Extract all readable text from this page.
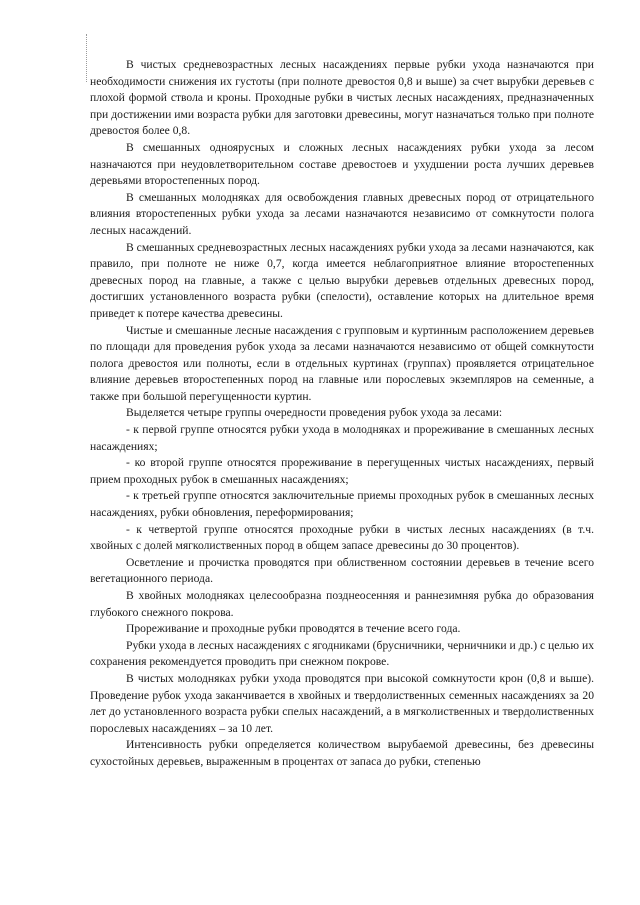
В чистых средневозрастных лесных насаждениях первые рубки ухода назначаются при необходимости снижения их густоты (при полноте древостоя 0,8 и выше) за счет вырубки деревьев с плохой формой ствола и кроны. Проходные рубки в чистых лесных насаждениях, предназначенных при достижении ими возраста рубки для заготовки древесины, могут назначаться только при полноте древостоя более 0,8.

В смешанных одноярусных и сложных лесных насаждениях рубки ухода за лесом назначаются при неудовлетворительном составе древостоев и ухудшении роста лучших деревьев деревьями второстепенных пород.

В смешанных молодняках для освобождения главных древесных пород от отрицательного влияния второстепенных рубки ухода за лесами назначаются независимо от сомкнутости полога лесных насаждений.

В смешанных средневозрастных лесных насаждениях рубки ухода за лесами назначаются, как правило, при полноте не ниже 0,7, когда имеется неблагоприятное влияние второстепенных древесных пород на главные, а также с целью вырубки деревьев отдельных древесных пород, достигших установленного возраста рубки (спелости), оставление которых на длительное время приведет к потере качества древесины.

Чистые и смешанные лесные насаждения с групповым и куртинным расположением деревьев по площади для проведения рубок ухода за лесами назначаются независимо от общей сомкнутости полога древостоя или полноты, если в отдельных куртинах (группах) проявляется отрицательное влияние деревьев второстепенных пород на главные или порослевых экземпляров на семенные, а также при большой перегущенности куртин.

Выделяется четыре группы очередности проведения рубок ухода за лесами:

- к первой группе относятся рубки ухода в молодняках и прореживание в смешанных лесных насаждениях;

- ко второй группе относятся прореживание в перегущенных чистых насаждениях, первый прием проходных рубок в смешанных насаждениях;

- к третьей группе относятся заключительные приемы проходных рубок в смешанных лесных насаждениях, рубки обновления, переформирования;

- к четвертой группе относятся проходные рубки в чистых лесных насаждениях (в т.ч. хвойных с долей мягколиственных пород в общем запасе древесины до 30 процентов).

Осветление и прочистка проводятся при облиственном состоянии деревьев в течение всего вегетационного периода.

В хвойных молодняках целесообразна позднеосенняя и раннезимняя рубка до образования глубокого снежного покрова.

Прореживание и проходные рубки проводятся в течение всего года.

Рубки ухода в лесных насаждениях с ягодниками (брусничники, черничники и др.) с целью их сохранения рекомендуется проводить при снежном покрове.

В чистых молодняках рубки ухода проводятся при высокой сомкнутости крон (0,8 и выше). Проведение рубок ухода заканчивается в хвойных и твердолиственных семенных насаждениях за 20 лет до установленного возраста рубки спелых насаждений, а в мягколиственных и твердолиственных порослевых насаждениях – за 10 лет.

Интенсивность рубки определяется количеством вырубаемой древесины, без древесины сухостойных деревьев, выраженным в процентах от запаса до рубки, степенью
